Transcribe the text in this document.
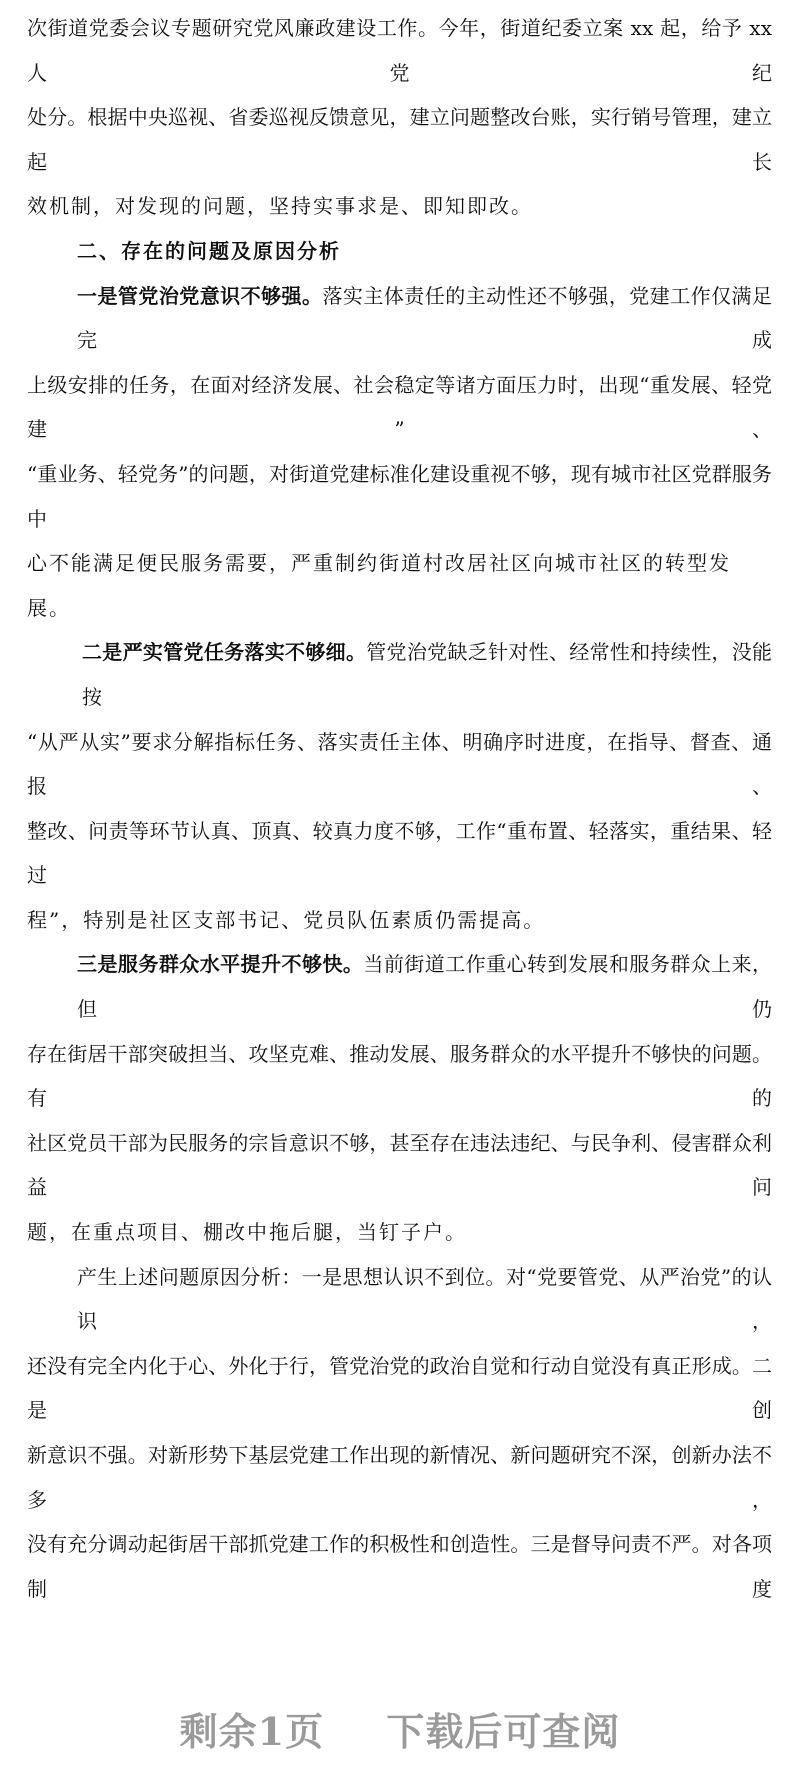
次街道党委会议专题研究党风廉政建设工作。今年，街道纪委立案 xx 起，给予 xx 人党纪
处分。根据中央巡视、省委巡视反馈意见，建立问题整改台账，实行销号管理，建立起长
效机制，对发现的问题，坚持实事求是、即知即改。
二、存在的问题及原因分析
一是管党治党意识不够强。落实主体责任的主动性还不够强，党建工作仅满足完成
上级安排的任务，在面对经济发展、社会稳定等诸方面压力时，出现“重发展、轻党建”、
“重业务、轻党务”的问题，对街道党建标准化建设重视不够，现有城市社区党群服务中
心不能满足便民服务需要，严重制约街道村改居社区向城市社区的转型发展。
二是严实管党任务落实不够细。管党治党缺乏针对性、经常性和持续性，没能按
“从严从实”要求分解指标任务、落实责任主体、明确序时进度，在指导、督查、通报、
整改、问责等环节认真、顶真、较真力度不够，工作“重布置、轻落实，重结果、轻过
程”，特别是社区支部书记、党员队伍素质仍需提高。
三是服务群众水平提升不够快。当前街道工作重心转到发展和服务群众上来，但仍
存在街居干部突破担当、攻坚克难、推动发展、服务群众的水平提升不够快的问题。有的
社区党员干部为民服务的宗旨意识不够，甚至存在违法违纪、与民争利、侵害群众利益问
题，在重点项目、棚改中拖后腿，当钉子户。
产生上述问题原因分析：一是思想认识不到位。对“党要管党、从严治党”的认识，
还没有完全内化于心、外化于行，管党治党的政治自觉和行动自觉没有真正形成。二是创
新意识不强。对新形势下基层党建工作出现的新情况、新问题研究不深，创新办法不多，
没有充分调动起街居干部抓党建工作的积极性和创造性。三是督导问责不严。对各项制度
剩余1页 下载后可查阅
